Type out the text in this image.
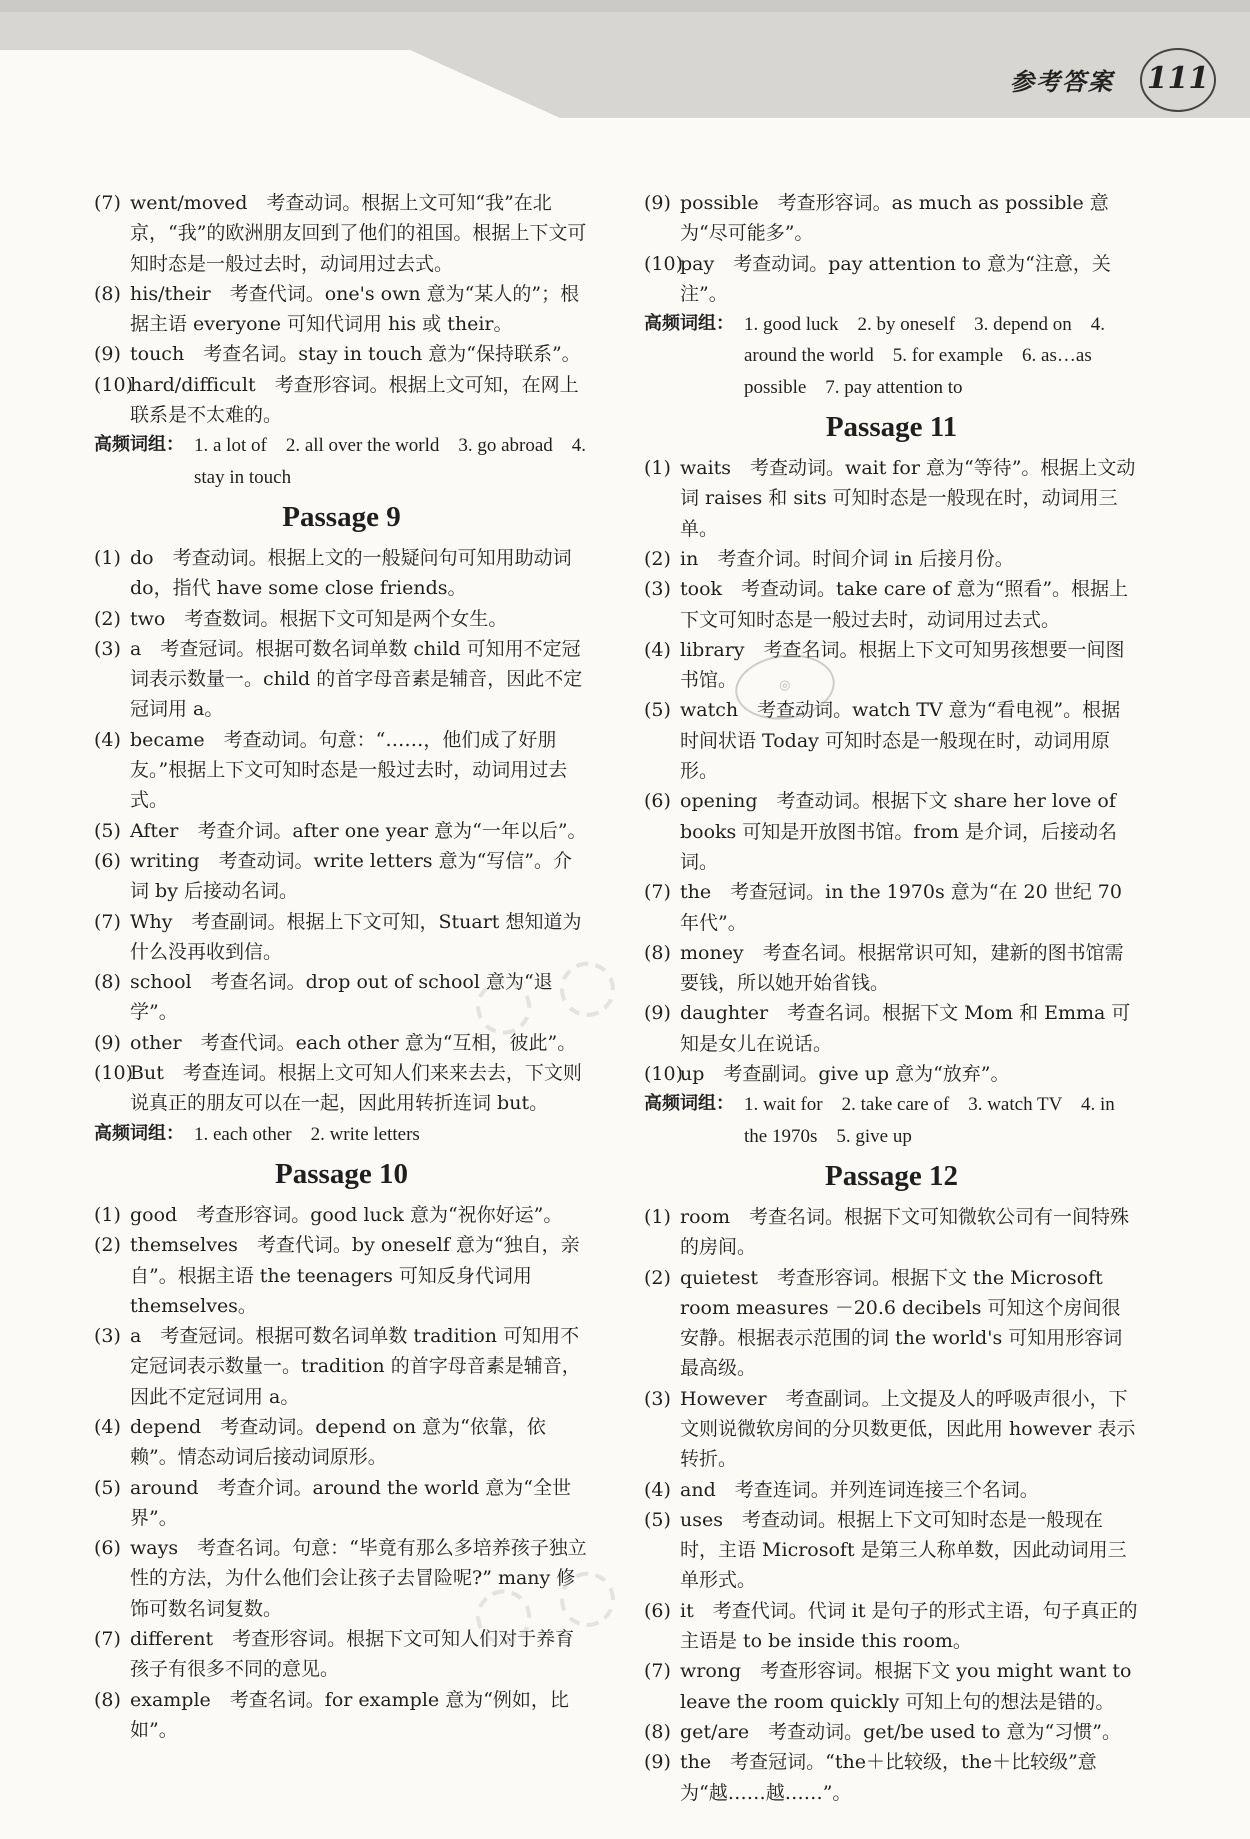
参考答案 111

(7) went/moved　考查动词。根据上文可知“我”在北京，“我”的欧洲朋友回到了他们的祖国。根据上下文可知时态是一般过去时，动词用过去式。

(8) his/their　考查代词。one's own 意为“某人的”；根据主语 everyone 可知代词用 his 或 their。

(9) touch　考查名词。stay in touch 意为“保持联系”。

(10)
hard/difficult　考查形容词。根据上文可知，在网上联系是不太难的。

高频词组： 1. a lot of　2. all over the world　3. go abroad　4. stay in touch

Passage 9

(1) do　考查动词。根据上文的一般疑问句可知用助动词 do，指代 have some close friends。

(2) two　考查数词。根据下文可知是两个女生。

(3) a　考查冠词。根据可数名词单数 child 可知用不定冠词表示数量一。child 的首字母音素是辅音，因此不定冠词用 a。

(4) became　考查动词。句意：“……，他们成了好朋友。”根据上下文可知时态是一般过去时，动词用过去式。

(5) After　考查介词。after one year 意为“一年以后”。

(6) writing　考查动词。write letters 意为“写信”。介词 by 后接动名词。

(7) Why　考查副词。根据上下文可知，Stuart 想知道为什么没再收到信。

(8) school　考查名词。drop out of school 意为“退学”。

(9) other　考查代词。each other 意为“互相，彼此”。

(10)
But　考查连词。根据上文可知人们来来去去，下文则说真正的朋友可以在一起，因此用转折连词 but。

高频词组： 1. each other　2. write letters

Passage 10

(1) good　考查形容词。good luck 意为“祝你好运”。

(2) themselves　考查代词。by oneself 意为“独自，亲自”。根据主语 the teenagers 可知反身代词用 themselves。

(3) a　考查冠词。根据可数名词单数 tradition 可知用不定冠词表示数量一。tradition 的首字母音素是辅音，因此不定冠词用 a。

(4) depend　考查动词。depend on 意为“依靠，依赖”。情态动词后接动词原形。

(5) around　考查介词。around the world 意为“全世界”。

(6) ways　考查名词。句意：“毕竟有那么多培养孩子独立性的方法，为什么他们会让孩子去冒险呢?” many 修饰可数名词复数。

(7) different　考查形容词。根据下文可知人们对于养育孩子有很多不同的意见。

(8) example　考查名词。for example 意为“例如，比如”。

(9) possible　考查形容词。as much as possible 意为“尽可能多”。

(10)
pay　考查动词。pay attention to 意为“注意，关注”。

高频词组： 1. good luck　2. by oneself　3. depend on　4. around the world　5. for example　6. as…as possible　7. pay attention to

Passage 11

(1) waits　考查动词。wait for 意为“等待”。根据上文动词 raises 和 sits 可知时态是一般现在时，动词用三单。

(2) in　考查介词。时间介词 in 后接月份。

(3) took　考查动词。take care of 意为“照看”。根据上下文可知时态是一般过去时，动词用过去式。

(4) library　考查名词。根据上下文可知男孩想要一间图书馆。

(5) watch　考查动词。watch TV 意为“看电视”。根据时间状语 Today 可知时态是一般现在时，动词用原形。

(6) opening　考查动词。根据下文 share her love of books 可知是开放图书馆。from 是介词，后接动名词。

(7) the　考查冠词。in the 1970s 意为“在 20 世纪 70 年代”。

(8) money　考查名词。根据常识可知，建新的图书馆需要钱，所以她开始省钱。

(9) daughter　考查名词。根据下文 Mom 和 Emma 可知是女儿在说话。

(10)
up　考查副词。give up 意为“放弃”。

高频词组： 1. wait for　2. take care of　3. watch TV　4. in the 1970s　5. give up

Passage 12

(1) room　考查名词。根据下文可知微软公司有一间特殊的房间。

(2) quietest　考查形容词。根据下文 the Microsoft room measures －20.6 decibels 可知这个房间很安静。根据表示范围的词 the world's 可知用形容词最高级。

(3) However　考查副词。上文提及人的呼吸声很小，下文则说微软房间的分贝数更低，因此用 however 表示转折。

(4) and　考查连词。并列连词连接三个名词。

(5) uses　考查动词。根据上下文可知时态是一般现在时，主语 Microsoft 是第三人称单数，因此动词用三单形式。

(6) it　考查代词。代词 it 是句子的形式主语，句子真正的主语是 to be inside this room。

(7) wrong　考查形容词。根据下文 you might want to leave the room quickly 可知上句的想法是错的。

(8) get/are　考查动词。get/be used to 意为“习惯”。

(9) the　考查冠词。“the＋比较级，the＋比较级”意为“越……越……”。

◌ ◌
◌ ◌
◎
